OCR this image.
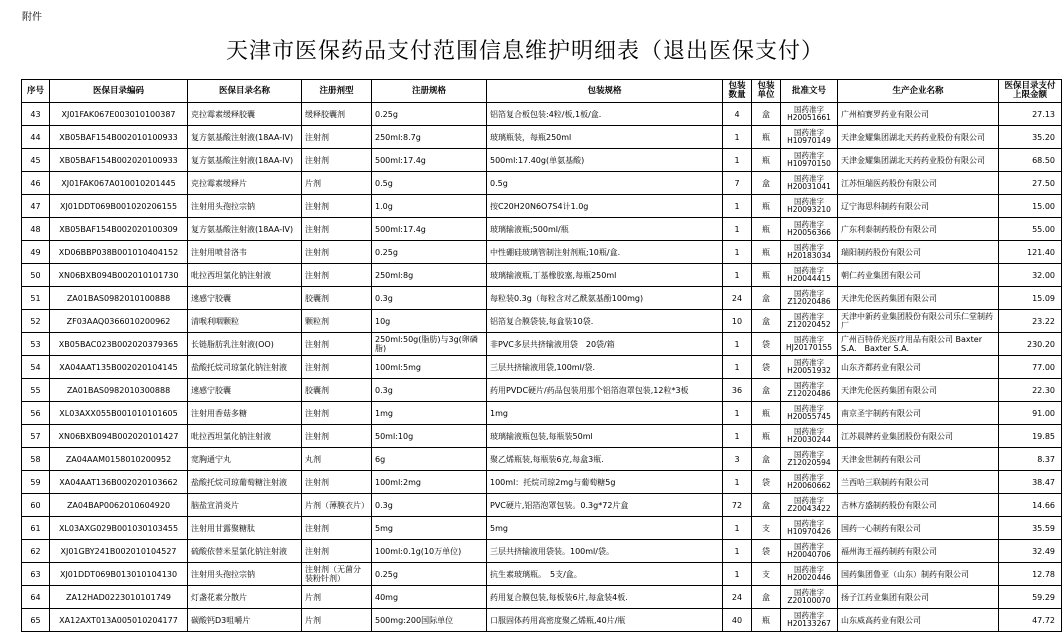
附件
天津市医保药品支付范围信息维护明细表（退出医保支付）
序号	医保目录编码	医保目录名称	注册剂型	注册规格	包装规格	包装数量	包装单位	批准文号	生产企业名称	医保目录支付上限金额

43	XJ01FAK067E003010100387	克拉霉素缓释胶囊	缓释胶囊剂	0.25g	铝箔复合板包装:4粒/板,1板/盒.	4	盒	国药准字H20051661	广州柏赛罗药业有限公司	27.13

44	XB05BAF154B002010100933	复方氨基酸注射液(18AA-IV)	注射剂	250ml:8.7g	玻璃瓶装，每瓶250ml	1	瓶	国药准字H10970149	天津金耀集团湖北天药药业股份有限公司	35.20

45	XB05BAF154B002020100933	复方氨基酸注射液(18AA-IV)	注射剂	500ml:17.4g	500ml:17.40g(单氨基酸)	1	瓶	国药准字H10970150	天津金耀集团湖北天药药业股份有限公司	68.50

46	XJ01FAK067A010010201445	克拉霉素缓释片	片剂	0.5g	0.5g	7	盒	国药准字H20031041	江苏恒瑞医药股份有限公司	27.50

47	XJ01DDT069B001020206155	注射用头孢拉宗钠	注射剂	1.0g	按C20H20N6O7S4计1.0g	1	瓶	国药准字H20093210	辽宁海思科制药有限公司	15.00

48	XB05BAF154B002020100309	复方氨基酸注射液(18AA-IV)	注射剂	500ml:17.4g	玻璃输液瓶;500ml/瓶	1	瓶	国药准字H20056366	广东利泰制药股份有限公司	55.00

49	XD06BBP038B001010404152	注射用喷昔洛韦	注射剂	0.25g	中性硼硅玻璃管制注射剂瓶;10瓶/盒.	1	瓶	国药准字H20183034	瑞阳制药股份有限公司	121.40

50	XN06BXB094B002010101730	吡拉西坦氯化钠注射液	注射剂	250ml:8g	玻璃输液瓶,丁基橡胶塞,每瓶250ml	1	瓶	国药准字H20044415	朝仁药业集团有限公司	32.00

51	ZA01BAS0982010100888	速感宁胶囊	胶囊剂	0.3g	每粒装0.3g（每粒含对乙酰氨基酚100mg)	24	盒	国药准字Z12020486	天津先伦医药集团有限公司	15.09

52	ZF03AAQ0366010200962	清喉利咽颗粒	颗粒剂	10g	铝箔复合膜袋装,每盒装10袋.	10	盒	国药准字Z12020452	天津中新药业集团股份有限公司乐仁堂制药厂	23.22

53	XB05BAC023B002020379365	长链脂肪乳注射液(OO)	注射剂	250ml:50g(脂肪)与3g(卵磷脂)	非PVC多层共挤输液用袋　20袋/箱	1	袋	国药准字HJ20170155	广州百特侨光医疗用品有限公司 Baxter S.A.　Baxter S.A.	230.20

54	XA04AAT135B002020104145	盐酸托烷司琼氯化钠注射液	注射剂	100ml:5mg	三层共挤输液用袋,100ml/袋.	1	袋	国药准字H20051932	山东齐都药业有限公司	77.00

55	ZA01BAS0982010300888	速感宁胶囊	胶囊剂	0.3g	药用PVDC硬片/药品包装用那个铝箔泡罩包装,12粒*3板	36	盒	国药准字Z12020486	天津先伦医药集团有限公司	22.30

56	XL03AXX055B001010101605	注射用香菇多糖	注射剂	1mg	1mg	1	瓶	国药准字H20055745	南京圣宇制药有限公司	91.00

57	XN06BXB094B002020101427	吡拉西坦氯化钠注射液	注射剂	50ml:10g	玻璃输液瓶包装,每瓶装50ml	1	瓶	国药准字H20030244	江苏晨牌药业集团股份有限公司	19.85

58	ZA04AAM0158010200952	宽胸通宁丸	丸剂	6g	聚乙烯瓶装,每瓶装6克,每盒3瓶.	3	盒	国药准字Z12020594	天津金世制药有限公司	8.37

59	XA04AAT136B002020103662	盐酸托烷司琼葡萄糖注射液	注射剂	100ml:2mg	100ml：托烷司琼2mg与葡萄糖5g	1	袋	国药准字H20060662	兰西哈三联制药有限公司	38.47

60	ZA04BAP0062010604920	脑盐宣消炎片	片剂（薄膜衣片）	0.3g	PVC硬片,铝箔泡罩包装。0.3g*72片盒	72	盒	国药准字Z20043422	吉林方盛制药股份有限公司	14.66

61	XL03AXG029B001030103455	注射用甘露聚糖肽	注射剂	5mg	5mg	1	支	国药准字H10970426	国药一心制药有限公司	35.59

62	XJ01GBY241B002010104527	硫酸依替米星氯化钠注射液	注射剂	100ml:0.1g(10万单位)	三层共挤输液用袋装。100ml/袋。	1	袋	国药准字H20040706	福州海王福药制药有限公司	32.49

63	XJ01DDT069B013010104130	注射用头孢拉宗钠	注射剂（无菌分装粉针剂）	0.25g	抗生素玻璃瓶。　5支/盒。	1	支	国药准字H20020446	国药集团鲁亚（山东）制药有限公司	12.78

64	ZA12HAD0223010101749	灯盏花素分散片	片剂	40mg	药用复合膜包装,每板装6片,每盒装4板.	24	盒	国药准字Z20100070	扬子江药业集团有限公司	59.29

65	XA12AXT013A005010204177	碳酸钙D3咀嚼片	片剂	500mg:200国际单位	口服固体药用高密度聚乙烯瓶,40片/瓶	40	瓶	国药准字H20133267	山东威高药业有限公司	47.72
